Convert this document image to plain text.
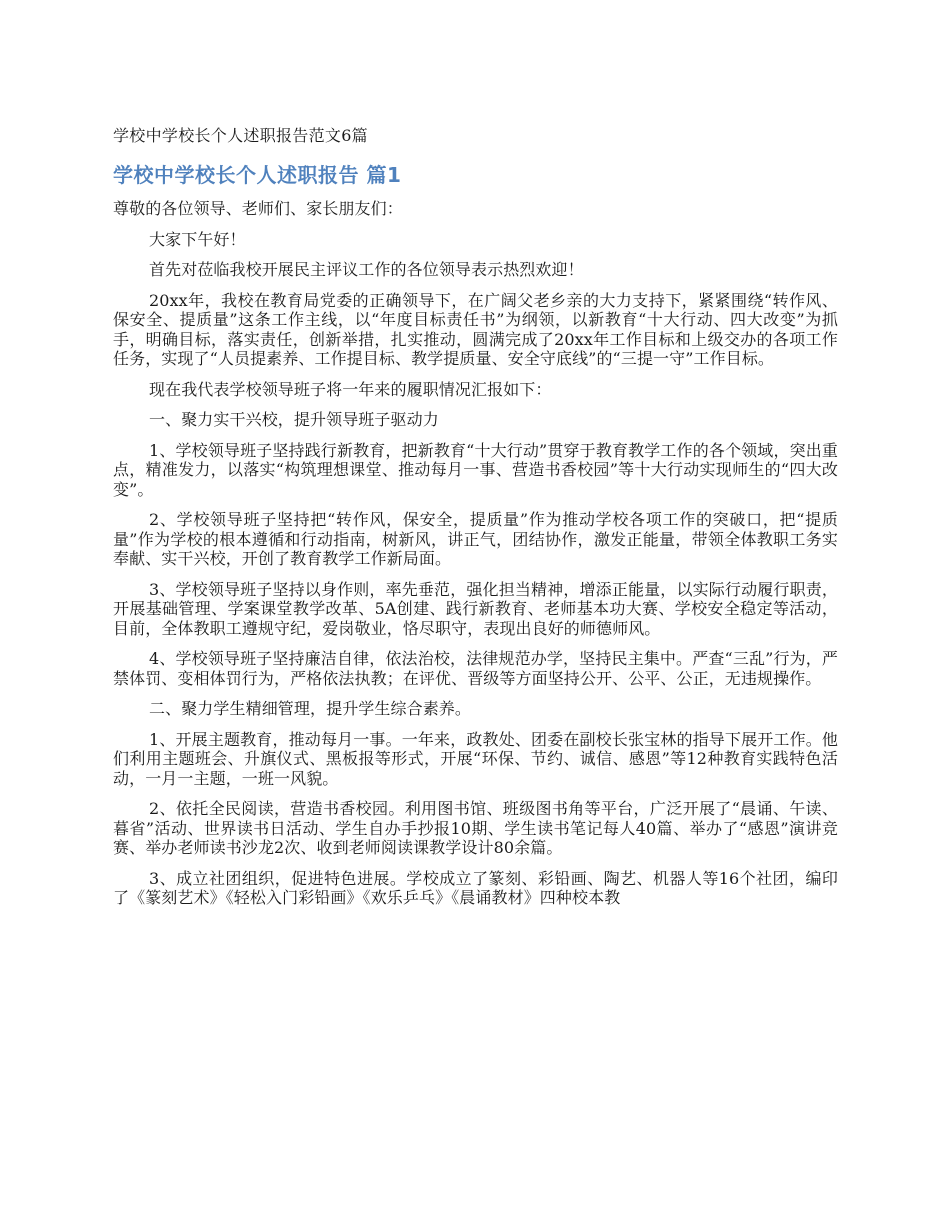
学校中学校长个人述职报告范文6篇
学校中学校长个人述职报告 篇1

尊敬的各位领导、老师们、家长朋友们：

大家下午好！

首先对莅临我校开展民主评议工作的各位领导表示热烈欢迎！

20xx年，我校在教育局党委的正确领导下，在广阔父老乡亲的大力支持下，紧紧围绕“转作风、保安全、提质量”这条工作主线，以“年度目标责任书”为纲领，以新教育“十大行动、四大改变”为抓手，明确目标，落实责任，创新举措，扎实推动，圆满完成了20xx年工作目标和上级交办的各项工作任务，实现了“人员提素养、工作提目标、教学提质量、安全守底线”的“三提一守”工作目标。

现在我代表学校领导班子将一年来的履职情况汇报如下：

一、聚力实干兴校，提升领导班子驱动力

1、学校领导班子坚持践行新教育，把新教育“十大行动”贯穿于教育教学工作的各个领域，突出重点，精准发力，以落实“构筑理想课堂、推动每月一事、营造书香校园”等十大行动实现师生的“四大改变”。

2、学校领导班子坚持把“转作风，保安全，提质量”作为推动学校各项工作的突破口，把“提质量”作为学校的根本遵循和行动指南，树新风，讲正气，团结协作，激发正能量，带领全体教职工务实奉献、实干兴校，开创了教育教学工作新局面。

3、学校领导班子坚持以身作则，率先垂范，强化担当精神，增添正能量，以实际行动履行职责，开展基础管理、学案课堂教学改革、5A创建、践行新教育、老师基本功大赛、学校安全稳定等活动，目前，全体教职工遵规守纪，爱岗敬业，恪尽职守，表现出良好的师德师风。

4、学校领导班子坚持廉洁自律，依法治校，法律规范办学，坚持民主集中。严查“三乱”行为，严禁体罚、变相体罚行为，严格依法执教；在评优、晋级等方面坚持公开、公平、公正，无违规操作。

二、聚力学生精细管理，提升学生综合素养。

1、开展主题教育，推动每月一事。一年来，政教处、团委在副校长张宝林的指导下展开工作。他们利用主题班会、升旗仪式、黑板报等形式，开展“环保、节约、诚信、感恩”等12种教育实践特色活动，一月一主题，一班一风貌。

2、依托全民阅读，营造书香校园。利用图书馆、班级图书角等平台，广泛开展了“晨诵、午读、暮省”活动、世界读书日活动、学生自办手抄报10期、学生读书笔记每人40篇、举办了“感恩”演讲竞赛、举办老师读书沙龙2次、收到老师阅读课教学设计80余篇。

3、成立社团组织，促进特色进展。学校成立了篆刻、彩铅画、陶艺、机器人等16个社团，编印了《篆刻艺术》《轻松入门彩铅画》《欢乐乒乓》《晨诵教材》四种校本教
